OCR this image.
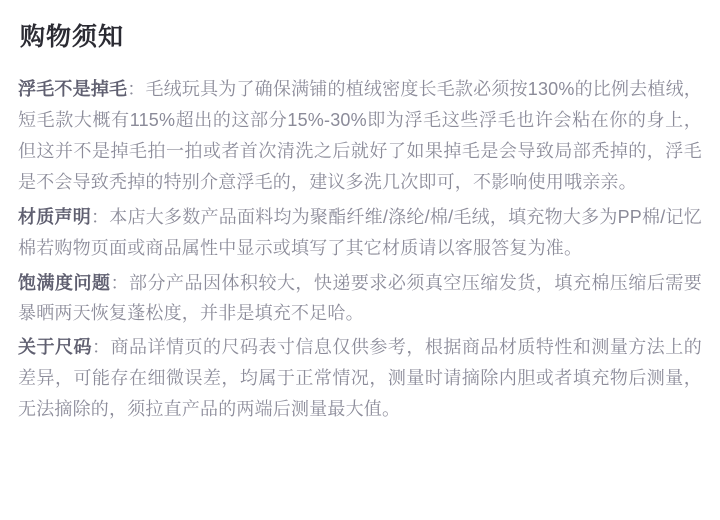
购物须知

浮毛不是掉毛：毛绒玩具为了确保满铺的植绒密度长毛款必须按130%的比例去植绒，短毛款大概有115%超出的这部分15%-30%即为浮毛这些浮毛也许会粘在你的身上，但这并不是掉毛拍一拍或者首次清洗之后就好了如果掉毛是会导致局部秃掉的，浮毛是不会导致秃掉的特别介意浮毛的，建议多洗几次即可，不影响使用哦亲亲。

材质声明：本店大多数产品面料均为聚酯纤维/涤纶/棉/毛绒，填充物大多为PP棉/记忆棉若购物页面或商品属性中显示或填写了其它材质请以客服答复为准。

饱满度问题：部分产品因体积较大，快递要求必须真空压缩发货，填充棉压缩后需要暴晒两天恢复蓬松度，并非是填充不足哈。

关于尺码：商品详情页的尺码表寸信息仅供参考，根据商品材质特性和测量方法上的差异，可能存在细微误差，均属于正常情况，测量时请摘除内胆或者填充物后测量，无法摘除的，须拉直产品的两端后测量最大值。
